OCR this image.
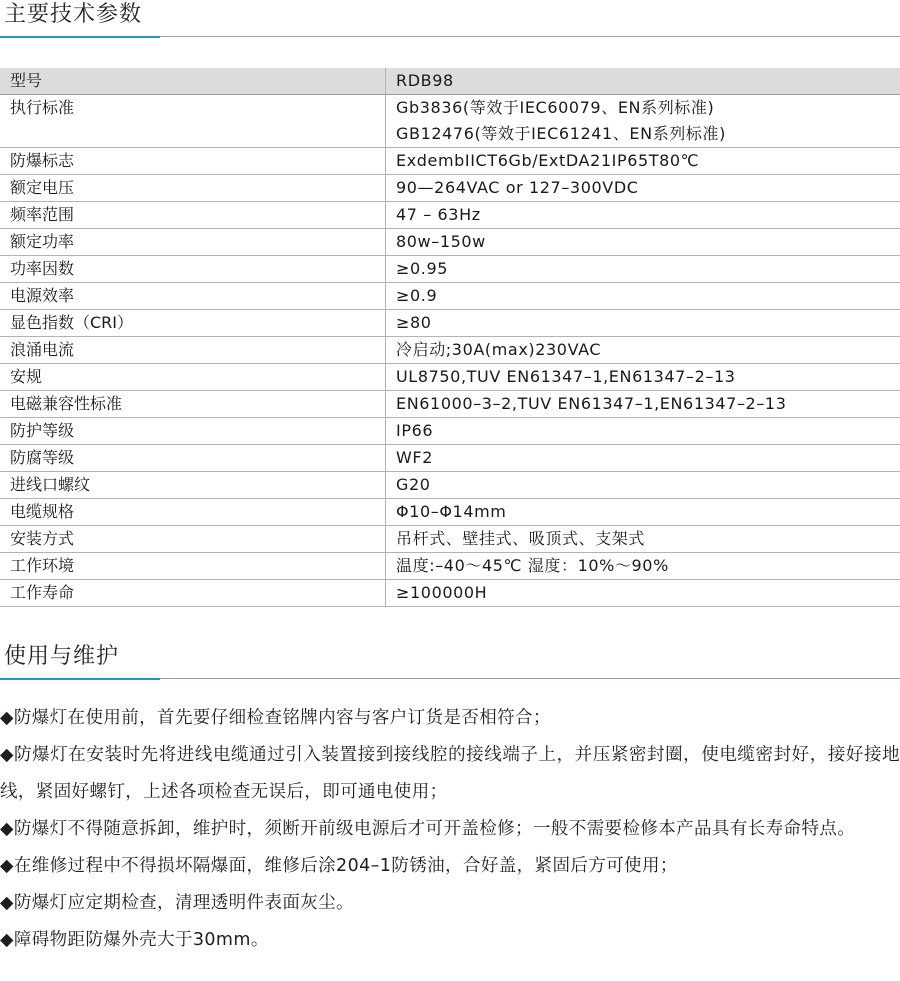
主要技术参数
型号	RDB98
执行标准	Gb3836(等效于IEC60079、EN系列标准)
GB12476(等效于IEC61241、EN系列标准)
防爆标志	ExdembIICT6Gb/ExtDA21IP65T80℃
额定电压	90—264VAC or 127–300VDC
频率范围	47 – 63Hz
额定功率	80w–150w
功率因数	≥0.95
电源效率	≥0.9
显色指数（CRI）	≥80
浪涌电流	冷启动;30A(max)230VAC
安规	UL8750,TUV EN61347–1,EN61347–2–13
电磁兼容性标准	EN61000–3–2,TUV EN61347–1,EN61347–2–13
防护等级	IP66
防腐等级	WF2
进线口螺纹	G20
电缆规格	Φ10–Φ14mm
安装方式	吊杆式、壁挂式、吸顶式、支架式
工作环境	温度:–40～45℃ 湿度：10%～90%
工作寿命	≥100000H
使用与维护

◆防爆灯在使用前，首先要仔细检查铭牌内容与客户订货是否相符合；

◆防爆灯在安装时先将进线电缆通过引入装置接到接线腔的接线端子上，并压紧密封圈，使电缆密封好，接好接地线，紧固好螺钉，上述各项检查无误后，即可通电使用；

◆防爆灯不得随意拆卸，维护时，须断开前级电源后才可开盖检修；一般不需要检修本产品具有长寿命特点。

◆在维修过程中不得损坏隔爆面，维修后涂204–1防锈油，合好盖，紧固后方可使用；

◆防爆灯应定期检查，清理透明件表面灰尘。

◆障碍物距防爆外壳大于30mm。
